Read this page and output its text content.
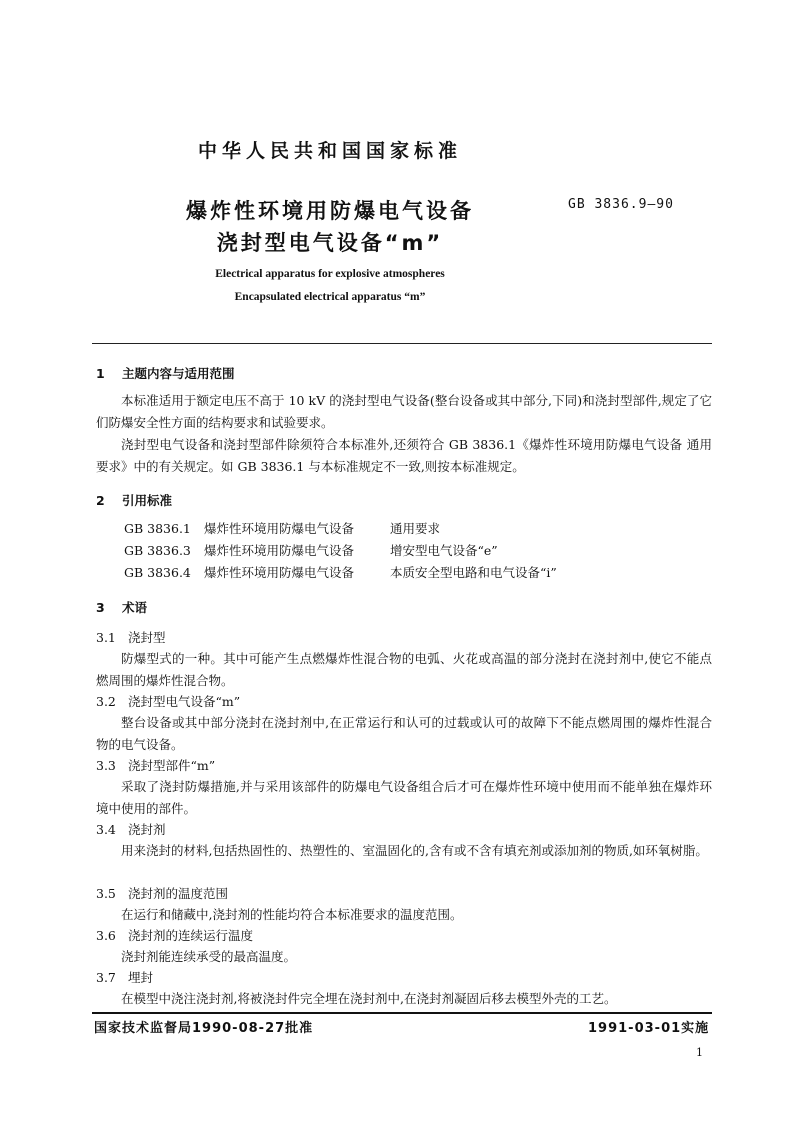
中华人民共和国国家标准
爆炸性环境用防爆电气设备
浇封型电气设备“m”
GB 3836.9—90
Electrical apparatus for explosive atmospheres
Encapsulated electrical apparatus “m”
1 主题内容与适用范围

本标准适用于额定电压不高于 10 kV 的浇封型电气设备(整台设备或其中部分,下同)和浇封型部件,规定了它们防爆安全性方面的结构要求和试验要求。

浇封型电气设备和浇封型部件除须符合本标准外,还须符合 GB 3836.1《爆炸性环境用防爆电气设备 通用要求》中的有关规定。如 GB 3836.1 与本标准规定不一致,则按本标准规定。

2 引用标准
GB 3836.1 爆炸性环境用防爆电气设备	通用要求
GB 3836.3 爆炸性环境用防爆电气设备	增安型电气设备“e”
GB 3836.4 爆炸性环境用防爆电气设备	本质安全型电路和电气设备“i”
3 术语
3.1 浇封型

防爆型式的一种。其中可能产生点燃爆炸性混合物的电弧、火花或高温的部分浇封在浇封剂中,使它不能点燃周围的爆炸性混合物。

3.2 浇封型电气设备“m”

整台设备或其中部分浇封在浇封剂中,在正常运行和认可的过载或认可的故障下不能点燃周围的爆炸性混合物的电气设备。

3.3 浇封型部件“m”

采取了浇封防爆措施,并与采用该部件的防爆电气设备组合后才可在爆炸性环境中使用而不能单独在爆炸环境中使用的部件。

3.4 浇封剂

用来浇封的材料,包括热固性的、热塑性的、室温固化的,含有或不含有填充剂或添加剂的物质,如环氧树脂。

3.5 浇封剂的温度范围

在运行和储藏中,浇封剂的性能均符合本标准要求的温度范围。

3.6 浇封剂的连续运行温度

浇封剂能连续承受的最高温度。

3.7 埋封

在模型中浇注浇封剂,将被浇封件完全埋在浇封剂中,在浇封剂凝固后移去模型外壳的工艺。

国家技术监督局1990-08-27批准	1991-03-01实施
1
